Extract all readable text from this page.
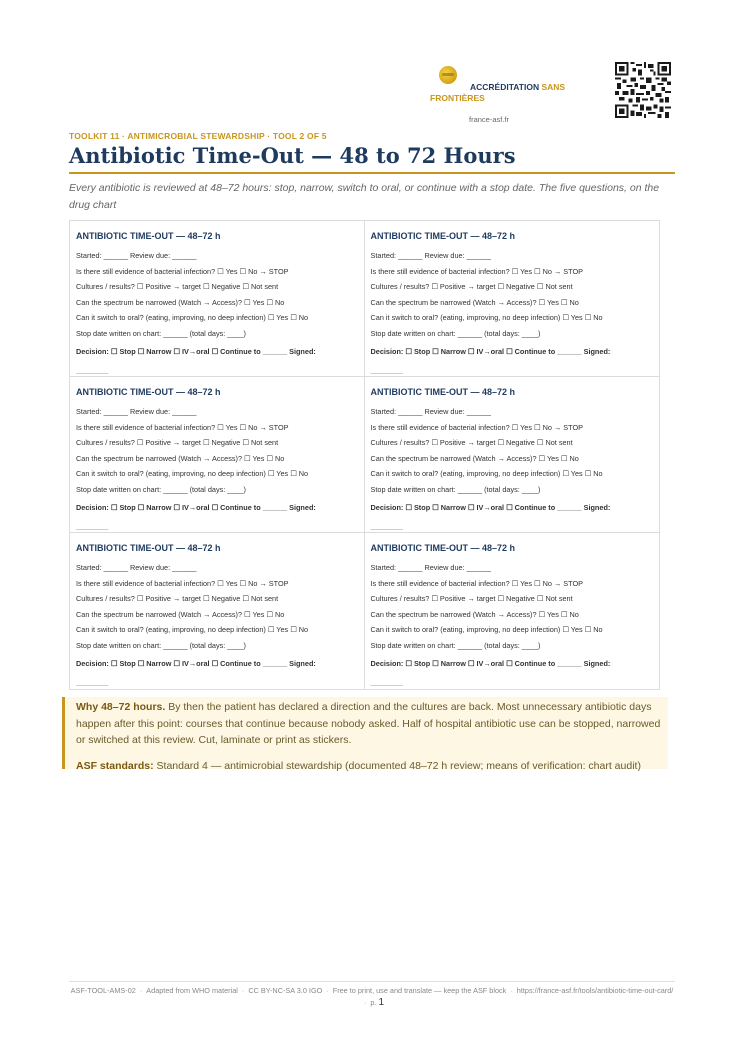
ACCRÉDITATION SANS FRONTIÈRES
france-asf.fr
TOOLKIT 11 · ANTIMICROBIAL STEWARDSHIP · TOOL 2 OF 5
Antibiotic Time-Out — 48 to 72 Hours

Every antibiotic is reviewed at 48–72 hours: stop, narrow, switch to oral, or continue with a stop date. The five questions, on the drug chart

ANTIBIOTIC TIME-OUT — 48–72 h
Started: ______ Review due: ______
Is there still evidence of bacterial infection? ☐ Yes ☐ No → STOP
Cultures / results? ☐ Positive → target ☐ Negative ☐ Not sent
Can the spectrum be narrowed (Watch → Access)? ☐ Yes ☐ No
Can it switch to oral? (eating, improving, no deep infection) ☐ Yes ☐ No
Stop date written on chart: ______ (total days: ____)
Decision: ☐ Stop ☐ Narrow ☐ IV→oral ☐ Continue to ______ Signed:
________
ANTIBIOTIC TIME-OUT — 48–72 h
Started: ______ Review due: ______
Is there still evidence of bacterial infection? ☐ Yes ☐ No → STOP
Cultures / results? ☐ Positive → target ☐ Negative ☐ Not sent
Can the spectrum be narrowed (Watch → Access)? ☐ Yes ☐ No
Can it switch to oral? (eating, improving, no deep infection) ☐ Yes ☐ No
Stop date written on chart: ______ (total days: ____)
Decision: ☐ Stop ☐ Narrow ☐ IV→oral ☐ Continue to ______ Signed:
________
ANTIBIOTIC TIME-OUT — 48–72 h
Started: ______ Review due: ______
Is there still evidence of bacterial infection? ☐ Yes ☐ No → STOP
Cultures / results? ☐ Positive → target ☐ Negative ☐ Not sent
Can the spectrum be narrowed (Watch → Access)? ☐ Yes ☐ No
Can it switch to oral? (eating, improving, no deep infection) ☐ Yes ☐ No
Stop date written on chart: ______ (total days: ____)
Decision: ☐ Stop ☐ Narrow ☐ IV→oral ☐ Continue to ______ Signed:
________
ANTIBIOTIC TIME-OUT — 48–72 h
Started: ______ Review due: ______
Is there still evidence of bacterial infection? ☐ Yes ☐ No → STOP
Cultures / results? ☐ Positive → target ☐ Negative ☐ Not sent
Can the spectrum be narrowed (Watch → Access)? ☐ Yes ☐ No
Can it switch to oral? (eating, improving, no deep infection) ☐ Yes ☐ No
Stop date written on chart: ______ (total days: ____)
Decision: ☐ Stop ☐ Narrow ☐ IV→oral ☐ Continue to ______ Signed:
________
ANTIBIOTIC TIME-OUT — 48–72 h
Started: ______ Review due: ______
Is there still evidence of bacterial infection? ☐ Yes ☐ No → STOP
Cultures / results? ☐ Positive → target ☐ Negative ☐ Not sent
Can the spectrum be narrowed (Watch → Access)? ☐ Yes ☐ No
Can it switch to oral? (eating, improving, no deep infection) ☐ Yes ☐ No
Stop date written on chart: ______ (total days: ____)
Decision: ☐ Stop ☐ Narrow ☐ IV→oral ☐ Continue to ______ Signed:
________
ANTIBIOTIC TIME-OUT — 48–72 h
Started: ______ Review due: ______
Is there still evidence of bacterial infection? ☐ Yes ☐ No → STOP
Cultures / results? ☐ Positive → target ☐ Negative ☐ Not sent
Can the spectrum be narrowed (Watch → Access)? ☐ Yes ☐ No
Can it switch to oral? (eating, improving, no deep infection) ☐ Yes ☐ No
Stop date written on chart: ______ (total days: ____)
Decision: ☐ Stop ☐ Narrow ☐ IV→oral ☐ Continue to ______ Signed:
________

Why 48–72 hours. By then the patient has declared a direction and the cultures are back. Most unnecessary antibiotic days happen after this point: courses that continue because nobody asked. Half of hospital antibiotic use can be stopped, narrowed or switched at this review. Cut, laminate or print as stickers.

ASF standards: Standard 4 — antimicrobial stewardship (documented 48–72 h review; means of verification: chart audit)

ASF-TOOL-AMS-02 · Adapted from WHO material · CC BY-NC-SA 3.0 IGO · Free to print, use and translate — keep the ASF block · https://france-asf.fr/tools/antibiotic-time-out-card/· p. 1
